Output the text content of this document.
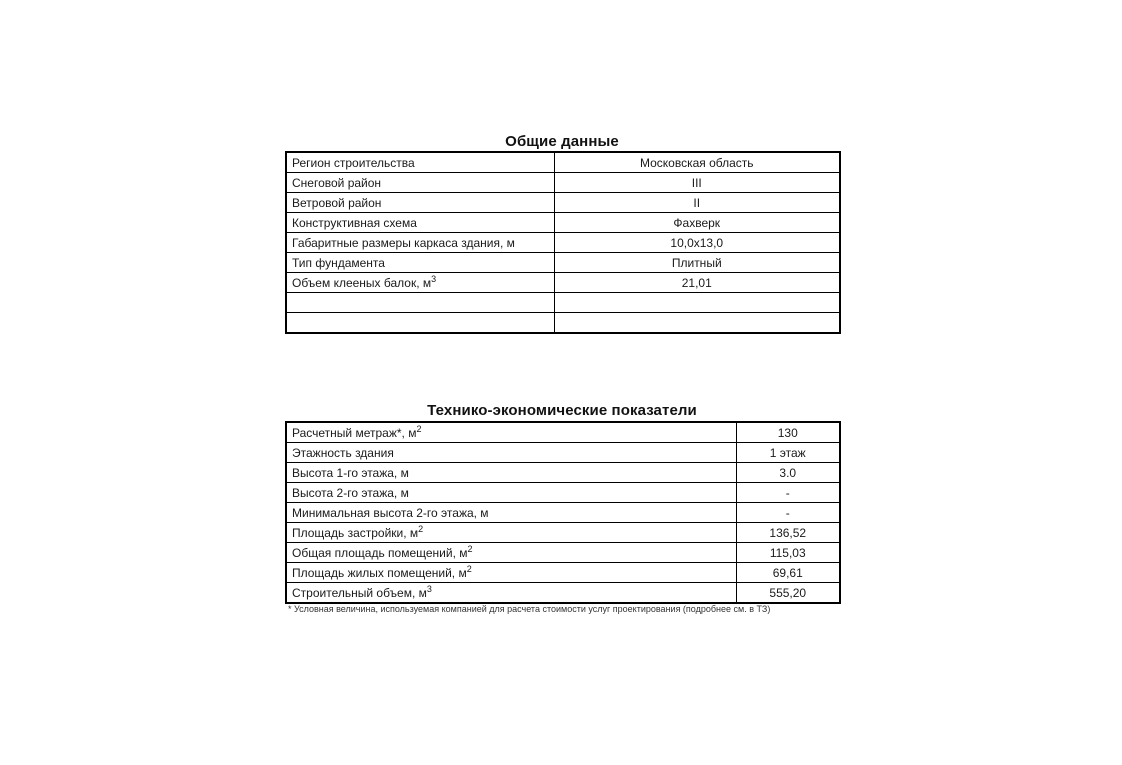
Общие данные
Регион строительства	Московская область
Снеговой район	III
Ветровой район	II
Конструктивная схема	Фахверк
Габаритные размеры каркаса здания, м	10,0x13,0
Тип фундамента	Плитный
Объем клееных балок, $м^3$	21,01

Технико-экономические показатели
Расчетный метраж*, $м^2$	130
Этажность здания	1 этаж
Высота 1-го этажа, м	3.0
Высота 2-го этажа, м	-
Минимальная высота 2-го этажа, м	-
Площадь застройки, $м^2$	136,52
Общая площадь помещений, $м^2$	115,03
Площадь жилых помещений, $м^2$	69,61
Строительный объем, $м^3$	555,20
* Условная величина, используемая компанией для расчета стоимости услуг проектирования (подробнее см. в ТЗ)
